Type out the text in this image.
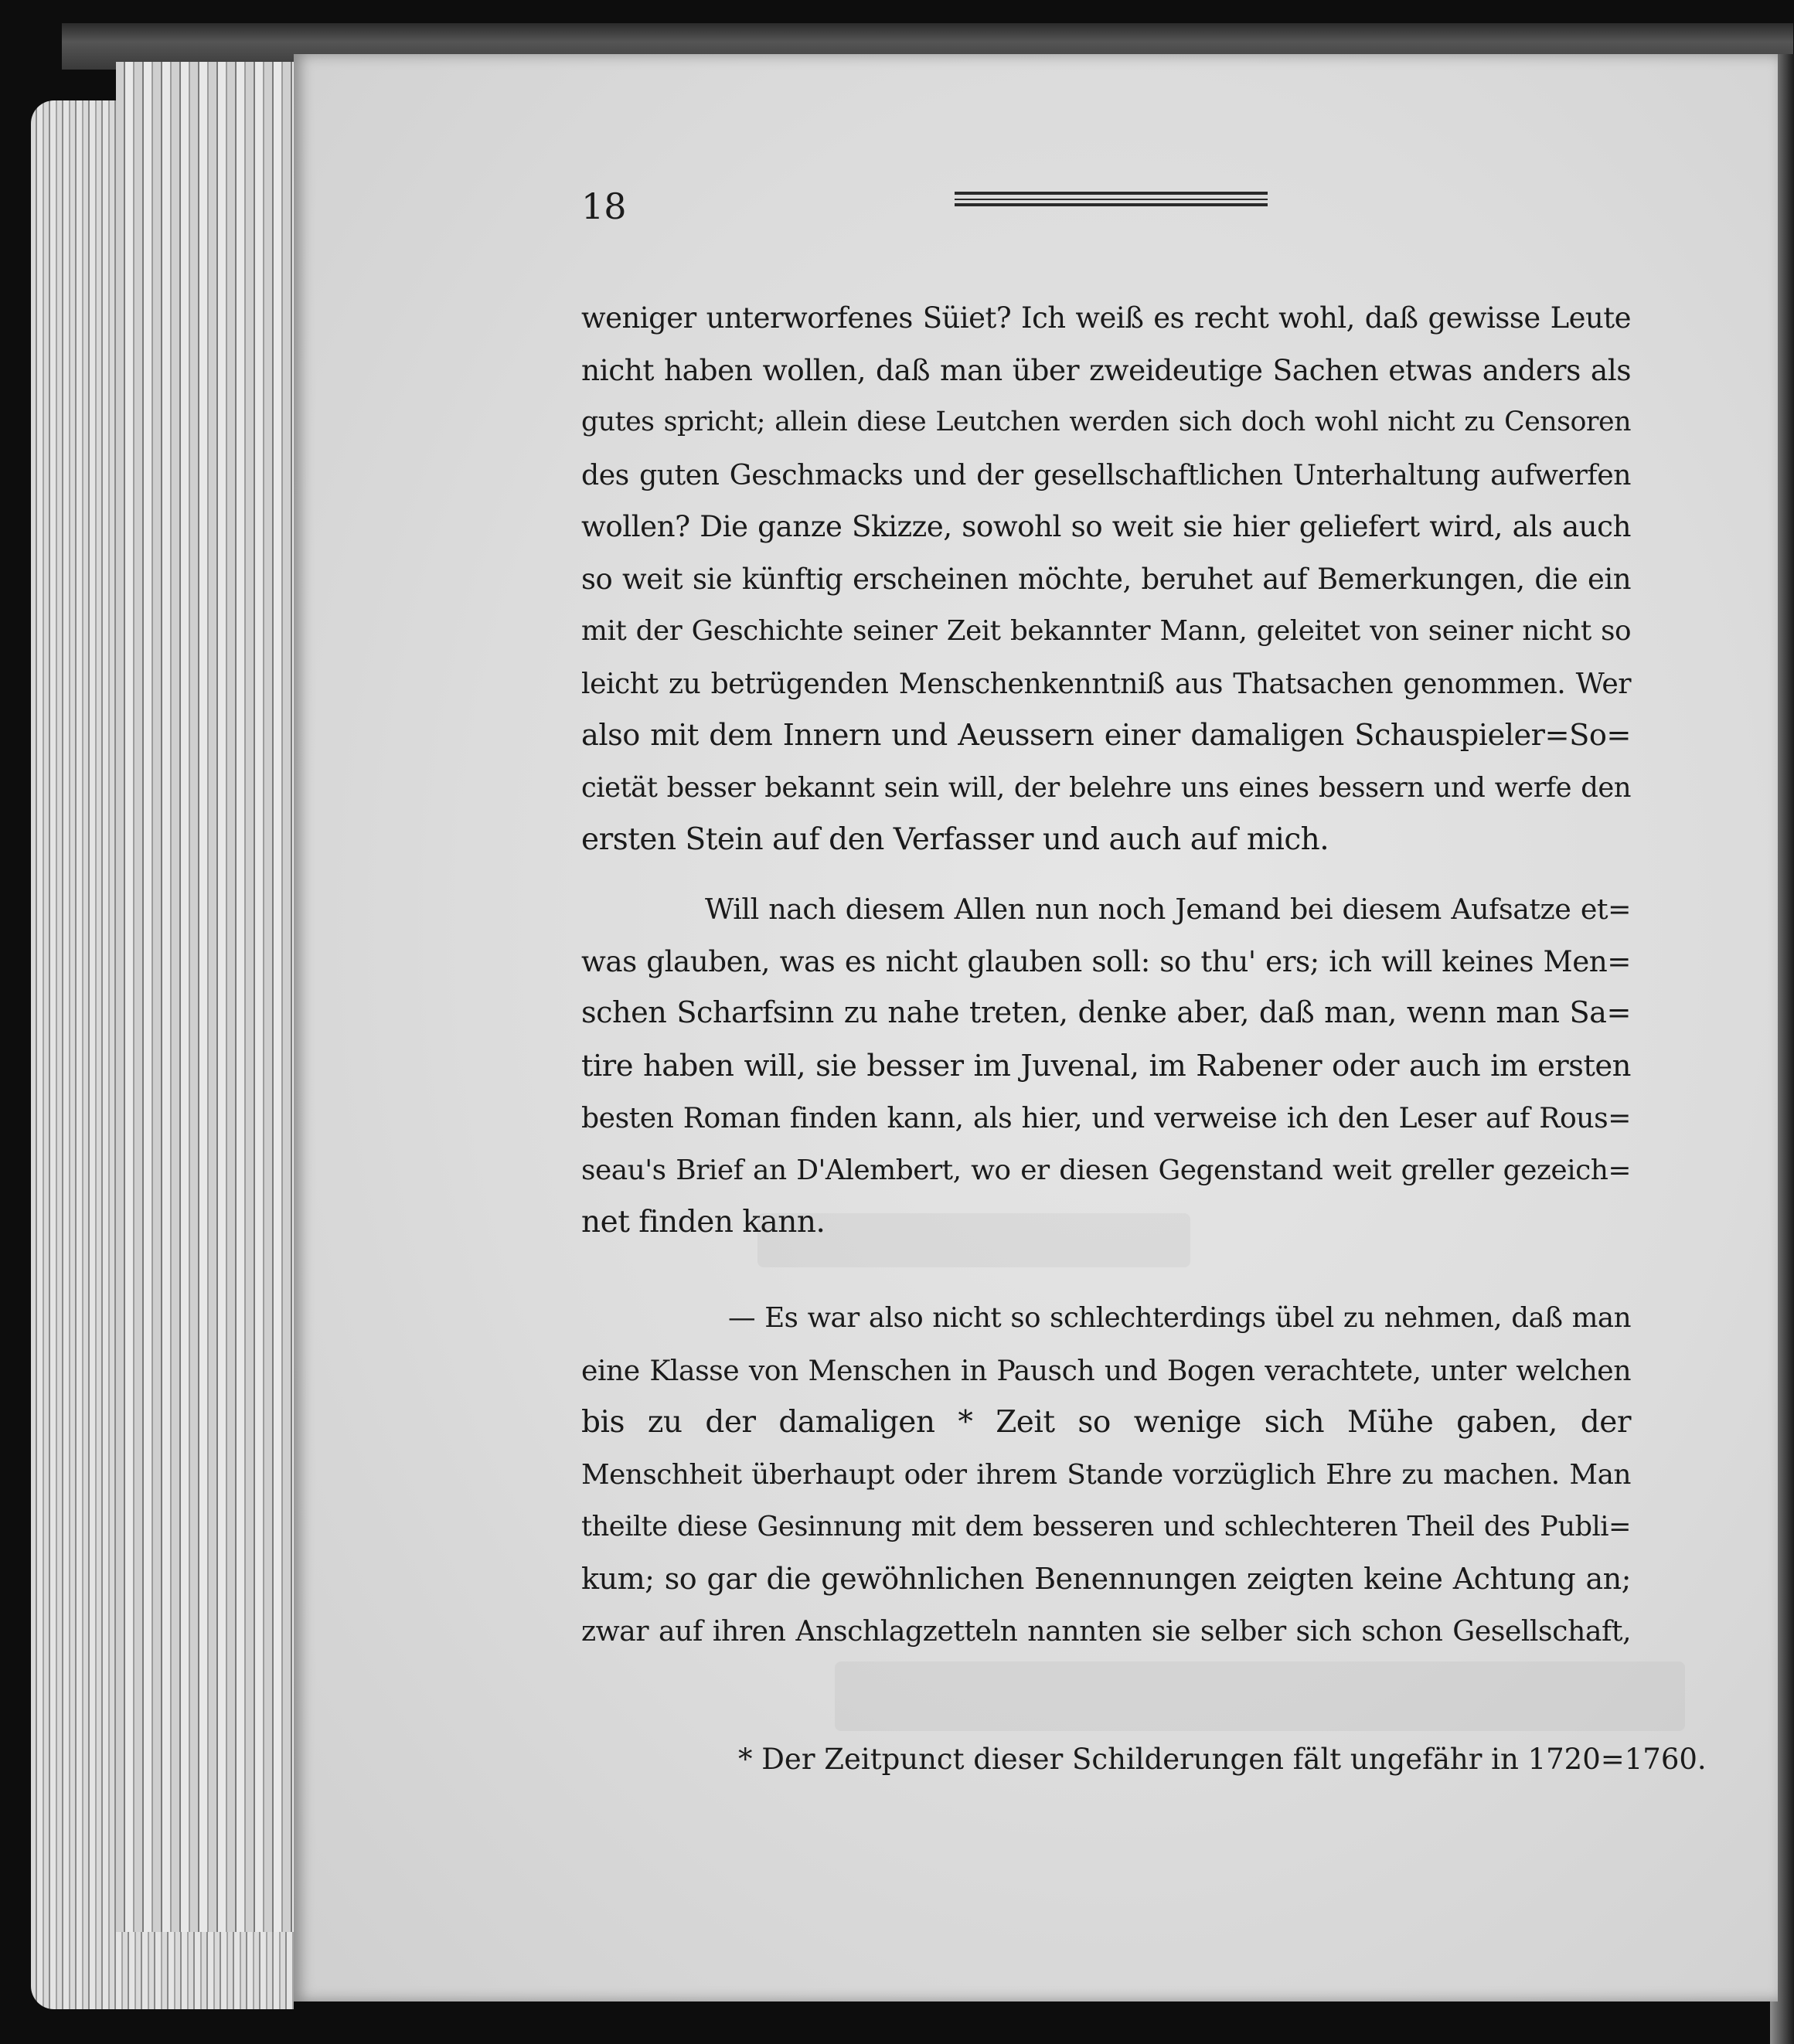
18
weniger unterworfenes Süiet? Ich weiß es recht wohl, daß gewisse Leute
nicht haben wollen, daß man über zweideutige Sachen etwas anders als
gutes spricht; allein diese Leutchen werden sich doch wohl nicht zu Censoren
des guten Geschmacks und der gesellschaftlichen Unterhaltung aufwerfen
wollen? Die ganze Skizze, sowohl so weit sie hier geliefert wird, als auch
so weit sie künftig erscheinen möchte, beruhet auf Bemerkungen, die ein
mit der Geschichte seiner Zeit bekannter Mann, geleitet von seiner nicht so
leicht zu betrügenden Menschenkenntniß aus Thatsachen genommen. Wer
also mit dem Innern und Aeussern einer damaligen Schauspieler=So=
cietät besser bekannt sein will, der belehre uns eines bessern und werfe den
ersten Stein auf den Verfasser und auch auf mich.
Will nach diesem Allen nun noch Jemand bei diesem Aufsatze et=
was glauben, was es nicht glauben soll: so thu' ers; ich will keines Men=
schen Scharfsinn zu nahe treten, denke aber, daß man, wenn man Sa=
tire haben will, sie besser im Juvenal, im Rabener oder auch im ersten
besten Roman finden kann, als hier, und verweise ich den Leser auf Rous=
seau's Brief an D'Alembert, wo er diesen Gegenstand weit greller gezeich=
net finden kann.
— Es war also nicht so schlechterdings übel zu nehmen, daß man
eine Klasse von Menschen in Pausch und Bogen verachtete, unter welchen
bis zu der damaligen * Zeit so wenige sich Mühe gaben, der
Menschheit überhaupt oder ihrem Stande vorzüglich Ehre zu machen. Man
theilte diese Gesinnung mit dem besseren und schlechteren Theil des Publi=
kum; so gar die gewöhnlichen Benennungen zeigten keine Achtung an;
zwar auf ihren Anschlagzetteln nannten sie selber sich schon Gesellschaft,
* Der Zeitpunct dieser Schilderungen fält ungefähr in 1720=1760.
